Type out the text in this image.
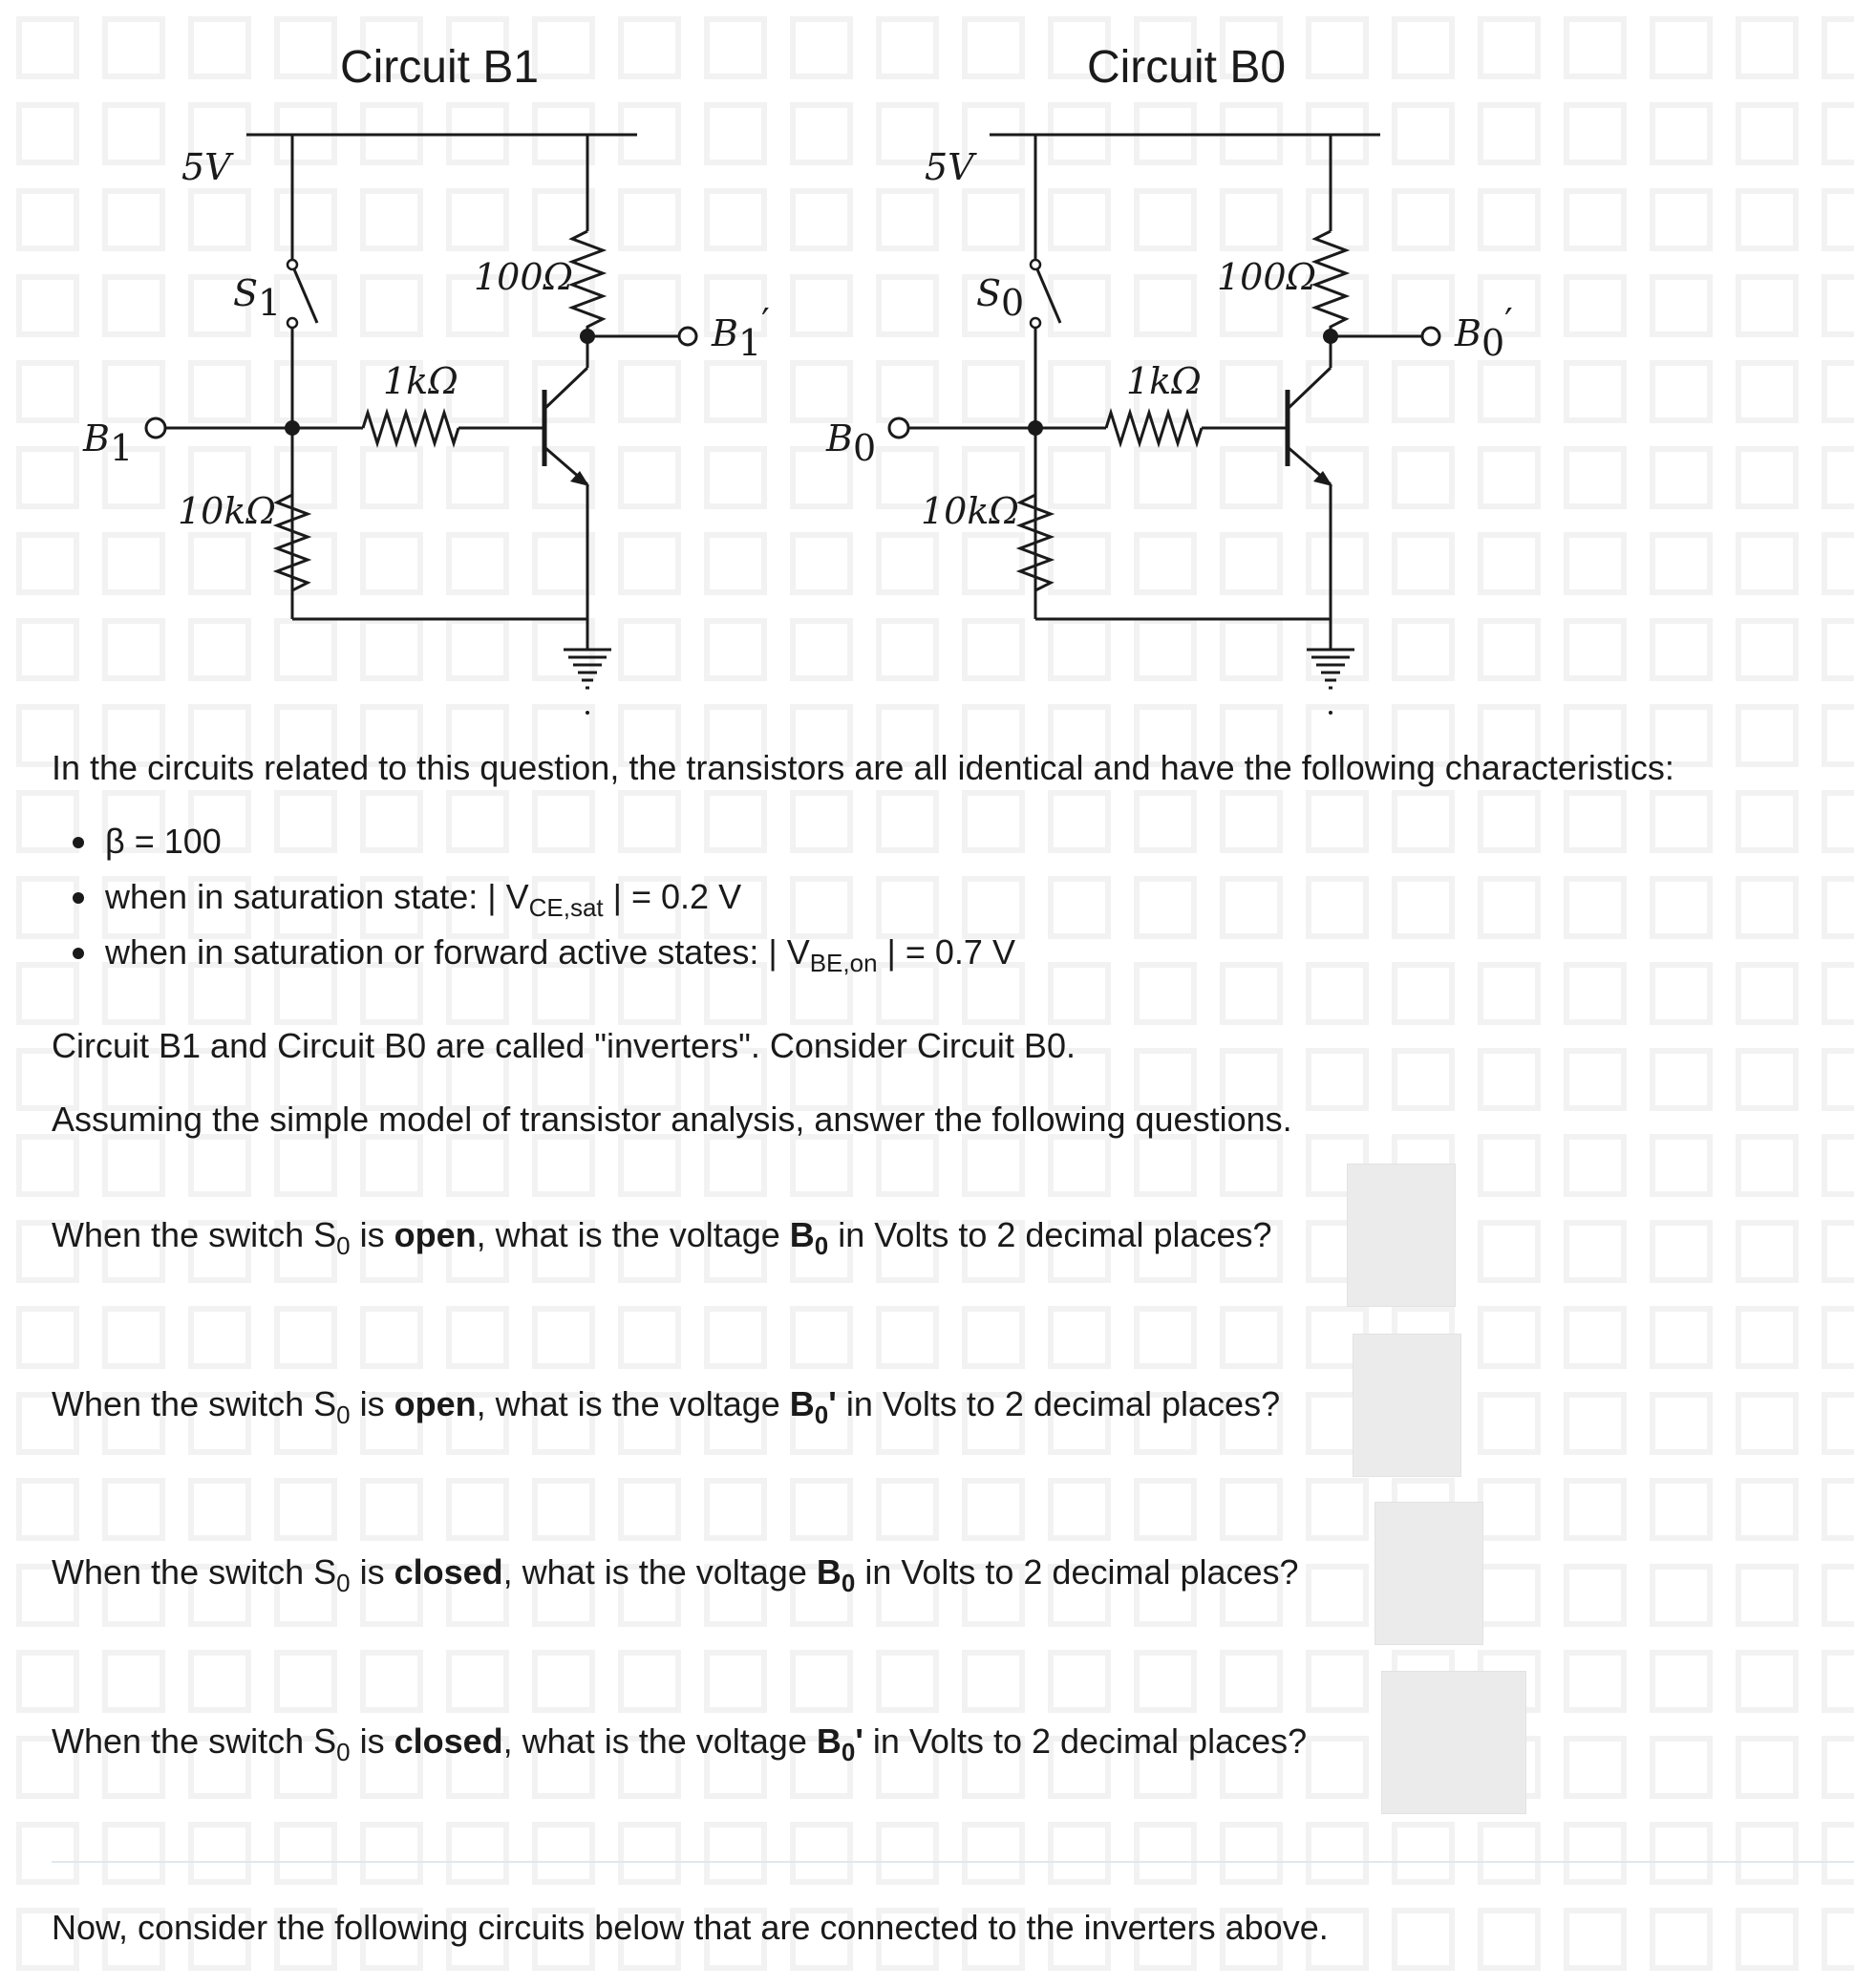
Circuit B1
5V
S1
B1
1kΩ
100Ω
B1′
10kΩ
Circuit B0
5V
S0
B0
1kΩ
100Ω
B0′
10kΩ
In the circuits related to this question, the transistors are all identical and have the following characteristics:
β = 100
when in saturation state: | $V_{CE,sat}$ | = 0.2 V
when in saturation or forward active states: | $V_{BE,on}$ | = 0.7 V
Circuit B1 and Circuit B0 are called "inverters". Consider Circuit B0.
Assuming the simple model of transistor analysis, answer the following questions.
When the switch $S_0$ is open, what is the voltage $B_0$ in Volts to 2 decimal places?
When the switch $S_0$ is open, what is the voltage $B_0'$ in Volts to 2 decimal places?
When the switch $S_0$ is closed, what is the voltage $B_0$ in Volts to 2 decimal places?
When the switch $S_0$ is closed, what is the voltage $B_0'$ in Volts to 2 decimal places?
Now, consider the following circuits below that are connected to the inverters above.
